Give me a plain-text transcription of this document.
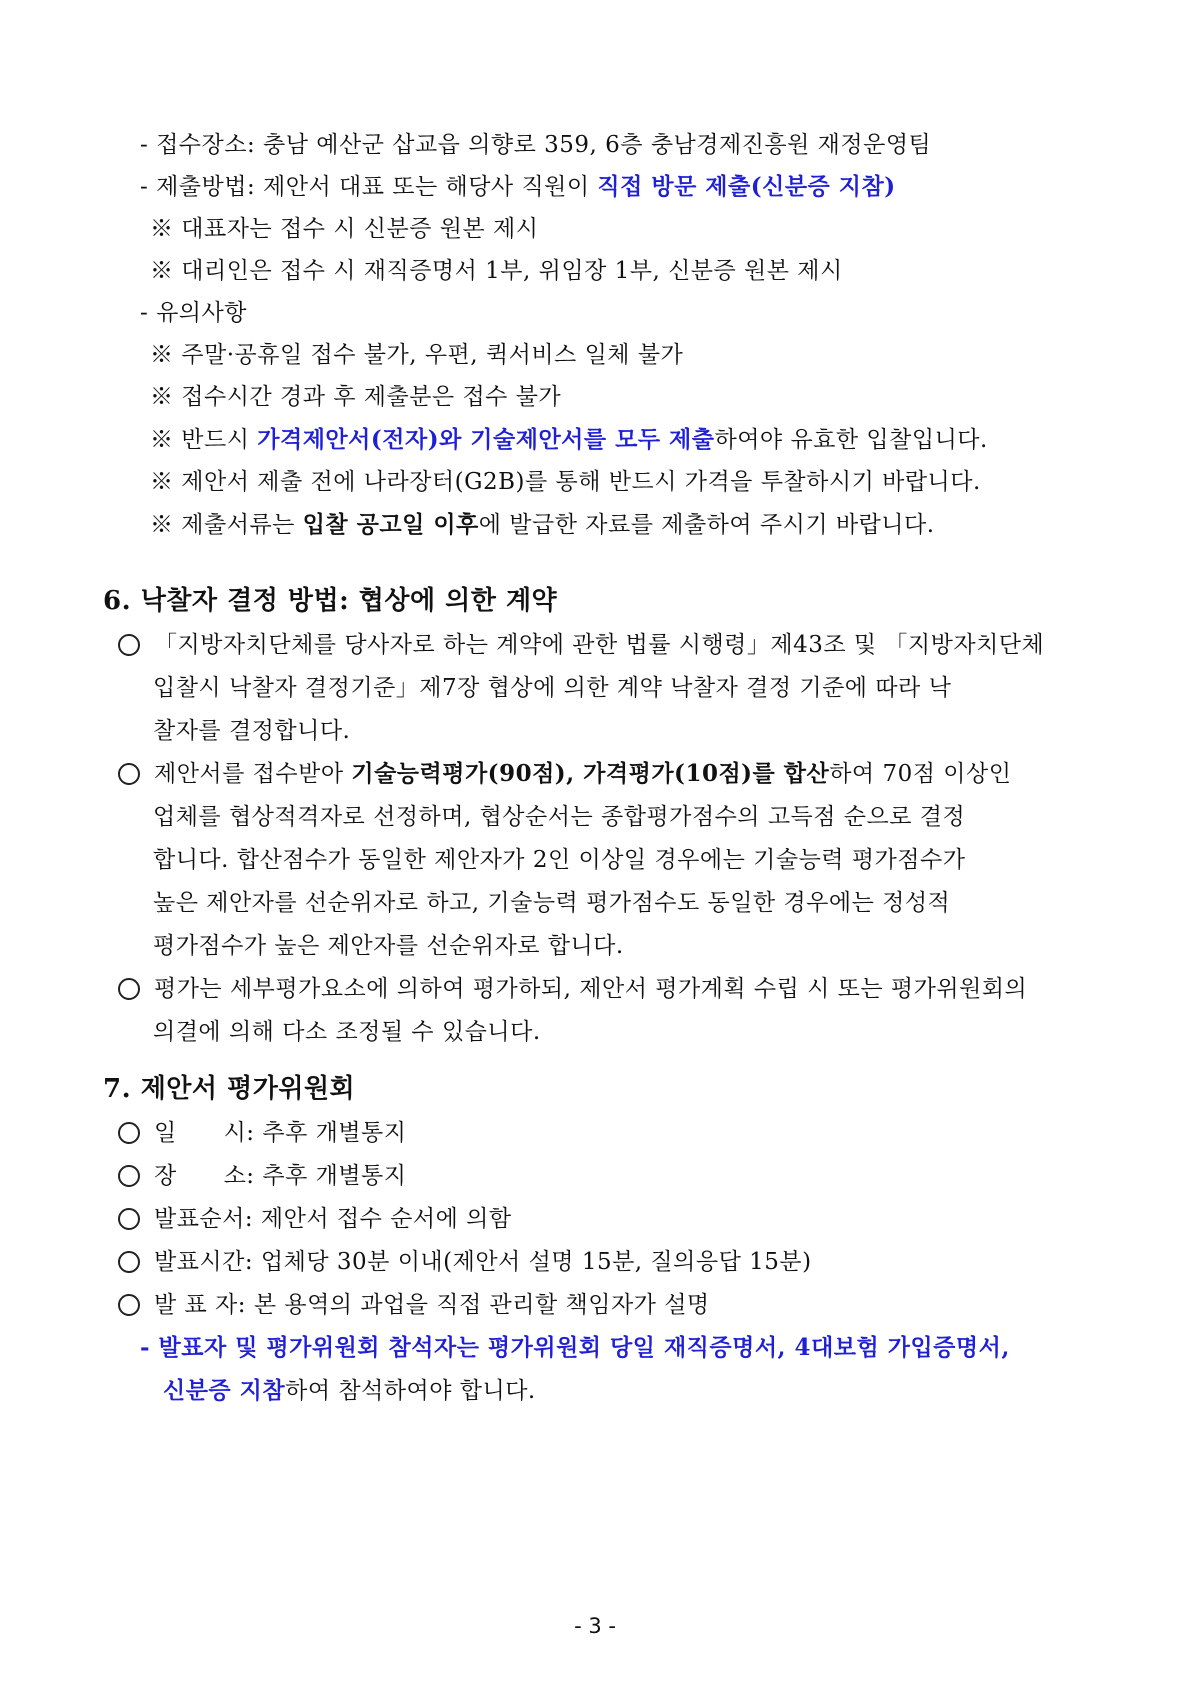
- 접수장소: 충남 예산군 삽교읍 의향로 359, 6층 충남경제진흥원 재정운영팀
- 제출방법: 제안서 대표 또는 해당사 직원이 직접 방문 제출(신분증 지참)
※ 대표자는 접수 시 신분증 원본 제시
※ 대리인은 접수 시 재직증명서 1부, 위임장 1부, 신분증 원본 제시
- 유의사항
※ 주말·공휴일 접수 불가, 우편, 퀵서비스 일체 불가
※ 접수시간 경과 후 제출분은 접수 불가
※ 반드시 가격제안서(전자)와 기술제안서를 모두 제출하여야 유효한 입찰입니다.
※ 제안서 제출 전에 나라장터(G2B)를 통해 반드시 가격을 투찰하시기 바랍니다.
※ 제출서류는 입찰 공고일 이후에 발급한 자료를 제출하여 주시기 바랍니다.
6. 낙찰자 결정 방법: 협상에 의한 계약
「지방자치단체를 당사자로 하는 계약에 관한 법률 시행령」제43조 및 「지방자치단체
입찰시 낙찰자 결정기준」제7장 협상에 의한 계약 낙찰자 결정 기준에 따라 낙
찰자를 결정합니다.
제안서를 접수받아 기술능력평가(90점), 가격평가(10점)를 합산하여 70점 이상인
업체를 협상적격자로 선정하며, 협상순서는 종합평가점수의 고득점 순으로 결정
합니다. 합산점수가 동일한 제안자가 2인 이상일 경우에는 기술능력 평가점수가
높은 제안자를 선순위자로 하고, 기술능력 평가점수도 동일한 경우에는 정성적
평가점수가 높은 제안자를 선순위자로 합니다.
평가는 세부평가요소에 의하여 평가하되, 제안서 평가계획 수립 시 또는 평가위원회의
의결에 의해 다소 조정될 수 있습니다.
7. 제안서 평가위원회
일      시: 추후 개별통지
장      소: 추후 개별통지
발표순서: 제안서 접수 순서에 의함
발표시간: 업체당 30분 이내(제안서 설명 15분, 질의응답 15분)
발 표 자: 본 용역의 과업을 직접 관리할 책임자가 설명
- 발표자 및 평가위원회 참석자는 평가위원회 당일 재직증명서, 4대보험 가입증명서,
신분증 지참하여 참석하여야 합니다.
- 3 -
